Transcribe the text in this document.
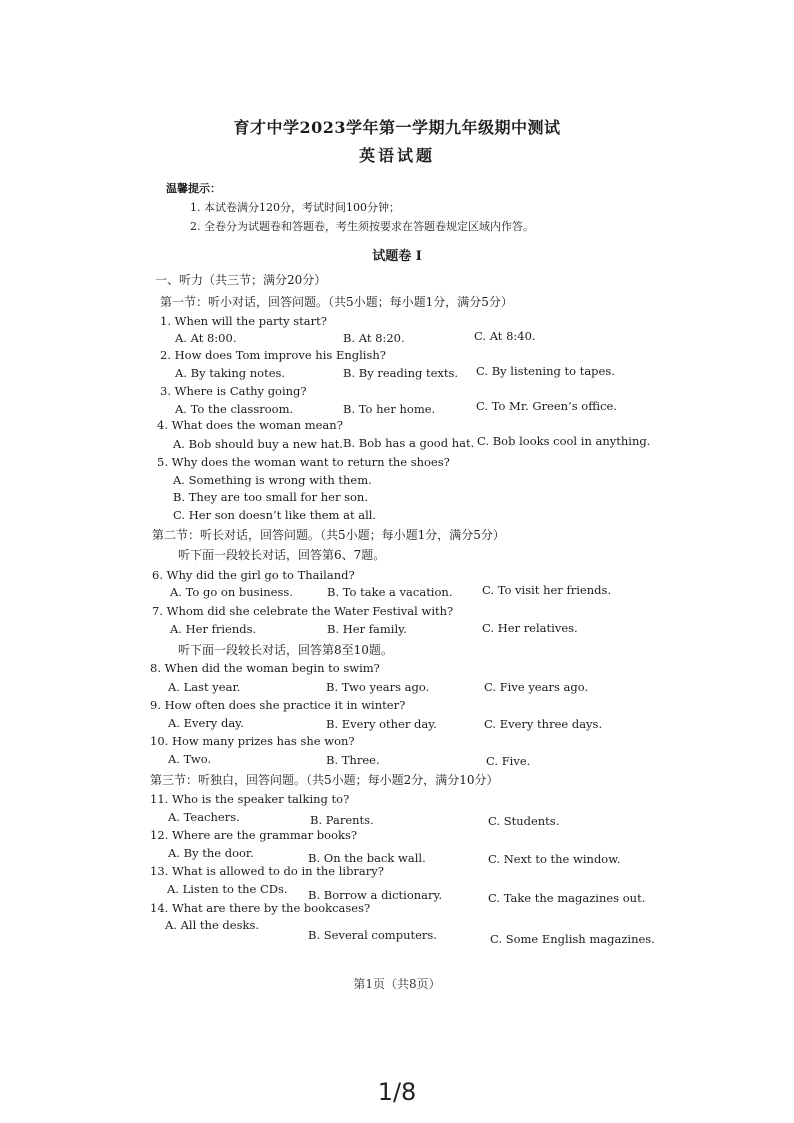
育才中学2023学年第一学期九年级期中测试
英语试题
温馨提示：
1. 本试卷满分120分，考试时间100分钟；
2. 全卷分为试题卷和答题卷，考生须按要求在答题卷规定区域内作答。
试题卷 I
一、听力（共三节；满分20分）
第一节：听小对话，回答问题。（共5小题；每小题1分，满分5分）
1. When will the party start?
A. At 8:00.	B. At 8:20.	C. At 8:40.
2. How does Tom improve his English?
A. By taking notes.	B. By reading texts. C. By listening to tapes.
3. Where is Cathy going?
A. To the classroom.	B. To her home.	C. To Mr. Green’s office.
4. What does the woman mean?
A. Bob should buy a new hat. B. Bob has a good hat. C. Bob looks cool in anything.
5. Why does the woman want to return the shoes?
A. Something is wrong with them.
B. They are too small for her son.
C. Her son doesn’t like them at all.
第二节：听长对话，回答问题。（共5小题；每小题1分，满分5分）
听下面一段较长对话，回答第6、7题。
6. Why did the girl go to Thailand?
A. To go on business.	B. To take a vacation.	C. To visit her friends.
7. Whom did she celebrate the Water Festival with?
A. Her friends.	B. Her family.	C. Her relatives.
听下面一段较长对话，回答第8至10题。
8. When did the woman begin to swim?
A. Last year.	B. Two years ago.	C. Five years ago.
9. How often does she practice it in winter?
A. Every day.	B. Every other day.	C. Every three days.
10. How many prizes has she won?
A. Two.	B. Three.	C. Five.
第三节：听独白，回答问题。（共5小题；每小题2分，满分10分）
11. Who is the speaker talking to?
A. Teachers.	B. Parents.	C. Students.
12. Where are the grammar books?
A. By the door.	B. On the back wall.	C. Next to the window.
13. What is allowed to do in the library?
A. Listen to the CDs. B. Borrow a dictionary.	C. Take the magazines out.
14. What are there by the bookcases?
A. All the desks.
B. Several computers.	C. Some English magazines.
第1页（共8页）
1/8
